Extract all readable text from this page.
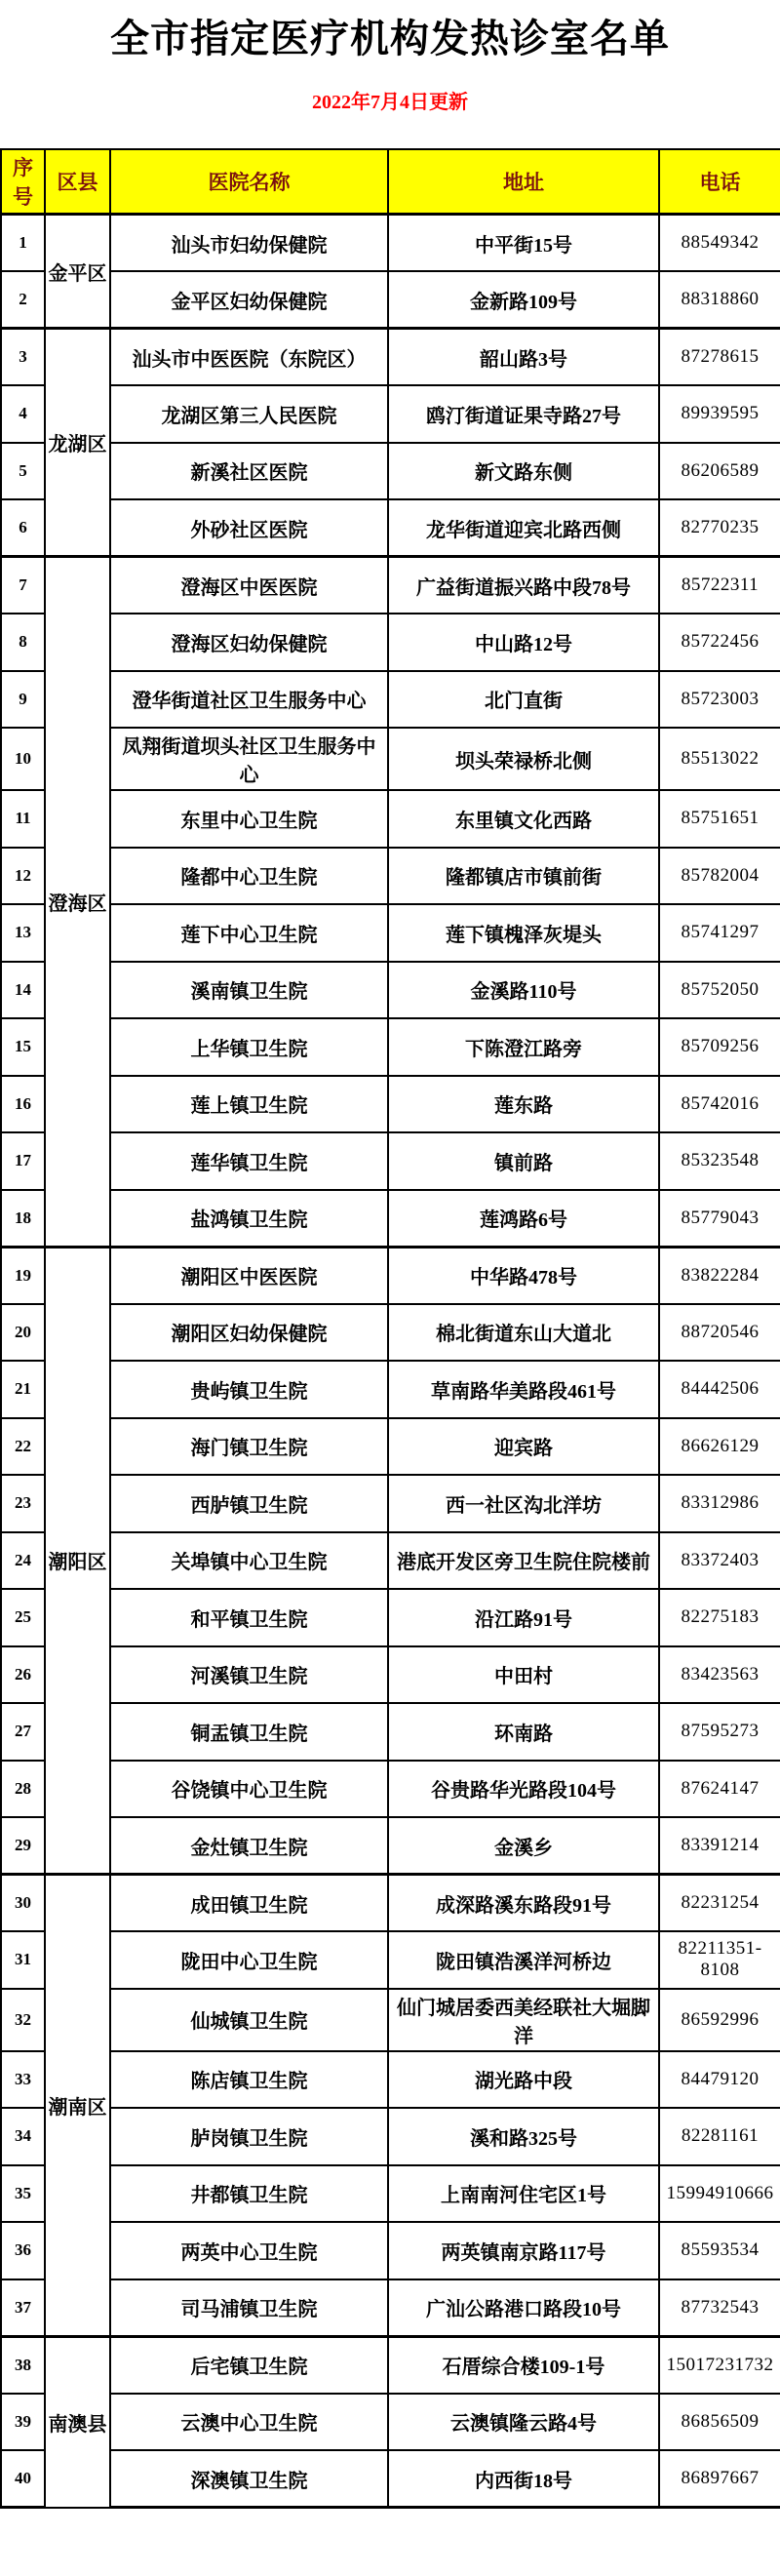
全市指定医疗机构发热诊室名单
2022年7月4日更新
序号	区县	医院名称	地址	电话
1	金平区	汕头市妇幼保健院	中平街15号	88549342
2		金平区妇幼保健院	金新路109号	88318860
3	龙湖区	汕头市中医医院（东院区）	韶山路3号	87278615
4		龙湖区第三人民医院	鸥汀街道证果寺路27号	89939595
5		新溪社区医院	新文路东侧	86206589
6		外砂社区医院	龙华街道迎宾北路西侧	82770235
7	澄海区	澄海区中医医院	广益街道振兴路中段78号	85722311
8		澄海区妇幼保健院	中山路12号	85722456
9		澄华街道社区卫生服务中心	北门直街	85723003
10		凤翔街道坝头社区卫生服务中心	坝头荣禄桥北侧	85513022
11		东里中心卫生院	东里镇文化西路	85751651
12		隆都中心卫生院	隆都镇店市镇前街	85782004
13		莲下中心卫生院	莲下镇槐泽灰堤头	85741297
14		溪南镇卫生院	金溪路110号	85752050
15		上华镇卫生院	下陈澄江路旁	85709256
16		莲上镇卫生院	莲东路	85742016
17		莲华镇卫生院	镇前路	85323548
18		盐鸿镇卫生院	莲鸿路6号	85779043
19	潮阳区	潮阳区中医医院	中华路478号	83822284
20		潮阳区妇幼保健院	棉北街道东山大道北	88720546
21		贵屿镇卫生院	草南路华美路段461号	84442506
22		海门镇卫生院	迎宾路	86626129
23		西胪镇卫生院	西一社区沟北洋坊	83312986
24		关埠镇中心卫生院	港底开发区旁卫生院住院楼前	83372403
25		和平镇卫生院	沿江路91号	82275183
26		河溪镇卫生院	中田村	83423563
27		铜盂镇卫生院	环南路	87595273
28		谷饶镇中心卫生院	谷贵路华光路段104号	87624147
29		金灶镇卫生院	金溪乡	83391214
30	潮南区	成田镇卫生院	成深路溪东路段91号	82231254
31		陇田中心卫生院	陇田镇浩溪洋河桥边	82211351-8108
32		仙城镇卫生院	仙门城居委西美经联社大堀脚洋	86592996
33		陈店镇卫生院	湖光路中段	84479120
34		胪岗镇卫生院	溪和路325号	82281161
35		井都镇卫生院	上南南河住宅区1号	15994910666
36		两英中心卫生院	两英镇南京路117号	85593534
37		司马浦镇卫生院	广汕公路港口路段10号	87732543
38	南澳县	后宅镇卫生院	石厝综合楼109-1号	15017231732
39		云澳中心卫生院	云澳镇隆云路4号	86856509
40		深澳镇卫生院	内西街18号	86897667
